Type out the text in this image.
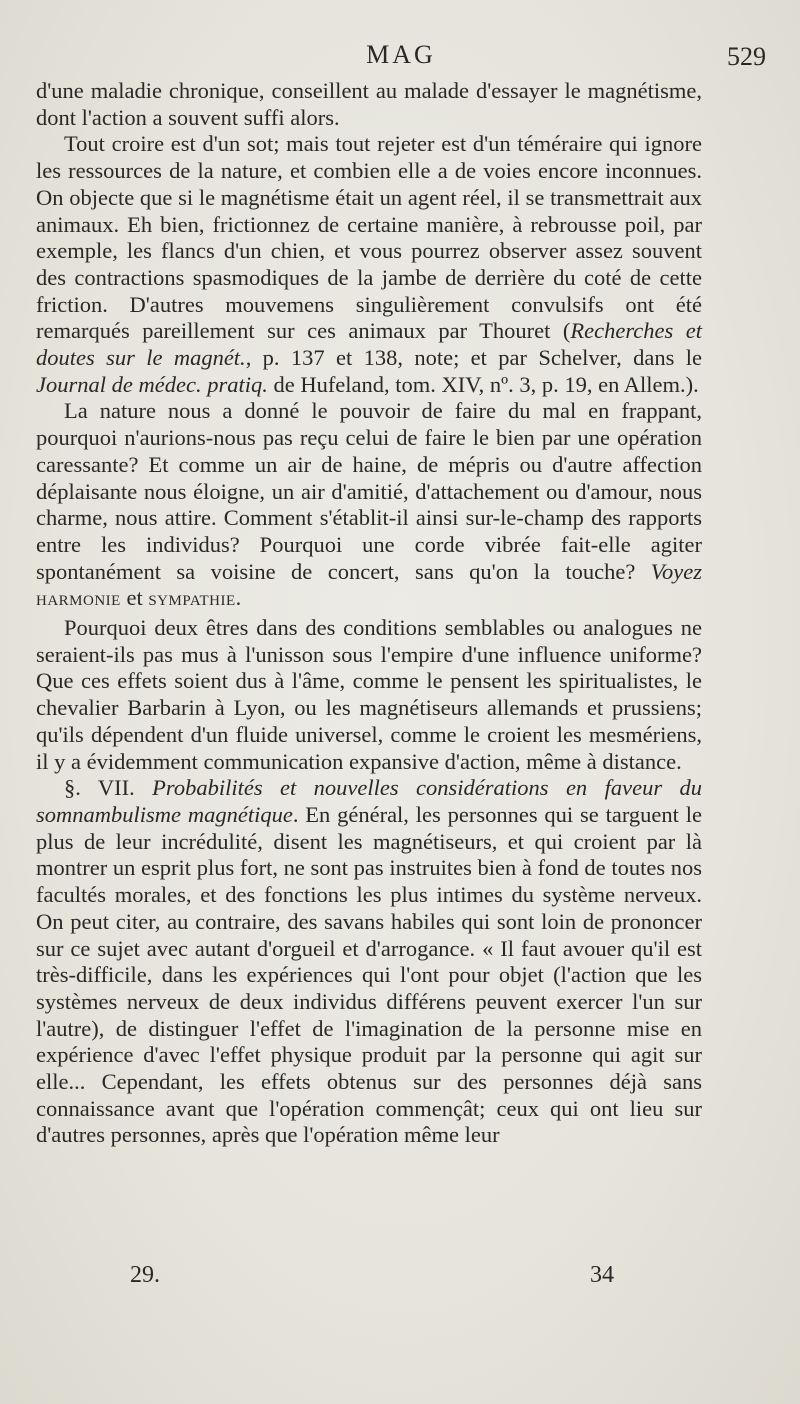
MAG	529

d'une maladie chronique, conseillent au malade d'essayer le magnétisme, dont l'action a souvent suffi alors.

Tout croire est d'un sot; mais tout rejeter est d'un téméraire qui ignore les ressources de la nature, et combien elle a de voies encore inconnues. On objecte que si le magnétisme était un agent réel, il se transmettrait aux animaux. Eh bien, frictionnez de certaine manière, à rebrousse poil, par exemple, les flancs d'un chien, et vous pourrez observer assez souvent des contractions spasmodiques de la jambe de derrière du coté de cette friction. D'autres mouvemens singulièrement convulsifs ont été remarqués pareillement sur ces animaux par Thouret (Recherches et doutes sur le magnét., p. 137 et 138, note; et par Schelver, dans le Journal de médec. pratiq. de Hufeland, tom. XIV, nº. 3, p. 19, en Allem.).

La nature nous a donné le pouvoir de faire du mal en frappant, pourquoi n'aurions-nous pas reçu celui de faire le bien par une opération caressante? Et comme un air de haine, de mépris ou d'autre affection déplaisante nous éloigne, un air d'amitié, d'attachement ou d'amour, nous charme, nous attire. Comment s'établit-il ainsi sur-le-champ des rapports entre les individus? Pourquoi une corde vibrée fait-elle agiter spontanément sa voisine de concert, sans qu'on la touche? Voyez HARMONIE et SYMPATHIE.

Pourquoi deux êtres dans des conditions semblables ou analogues ne seraient-ils pas mus à l'unisson sous l'empire d'une influence uniforme? Que ces effets soient dus à l'âme, comme le pensent les spiritualistes, le chevalier Barbarin à Lyon, ou les magnétiseurs allemands et prussiens; qu'ils dépendent d'un fluide universel, comme le croient les mesmériens, il y a évidemment communication expansive d'action, même à distance.

§. VII. Probabilités et nouvelles considérations en faveur du somnambulisme magnétique. En général, les personnes qui se targuent le plus de leur incrédulité, disent les magnétiseurs, et qui croient par là montrer un esprit plus fort, ne sont pas instruites bien à fond de toutes nos facultés morales, et des fonctions les plus intimes du système nerveux. On peut citer, au contraire, des savans habiles qui sont loin de prononcer sur ce sujet avec autant d'orgueil et d'arrogance. « Il faut avouer qu'il est très-difficile, dans les expériences qui l'ont pour objet (l'action que les systèmes nerveux de deux individus différens peuvent exercer l'un sur l'autre), de distinguer l'effet de l'imagination de la personne mise en expérience d'avec l'effet physique produit par la personne qui agit sur elle... Cependant, les effets obtenus sur des personnes déjà sans connaissance avant que l'opération commençât; ceux qui ont lieu sur d'autres personnes, après que l'opération même leur

29.	34
